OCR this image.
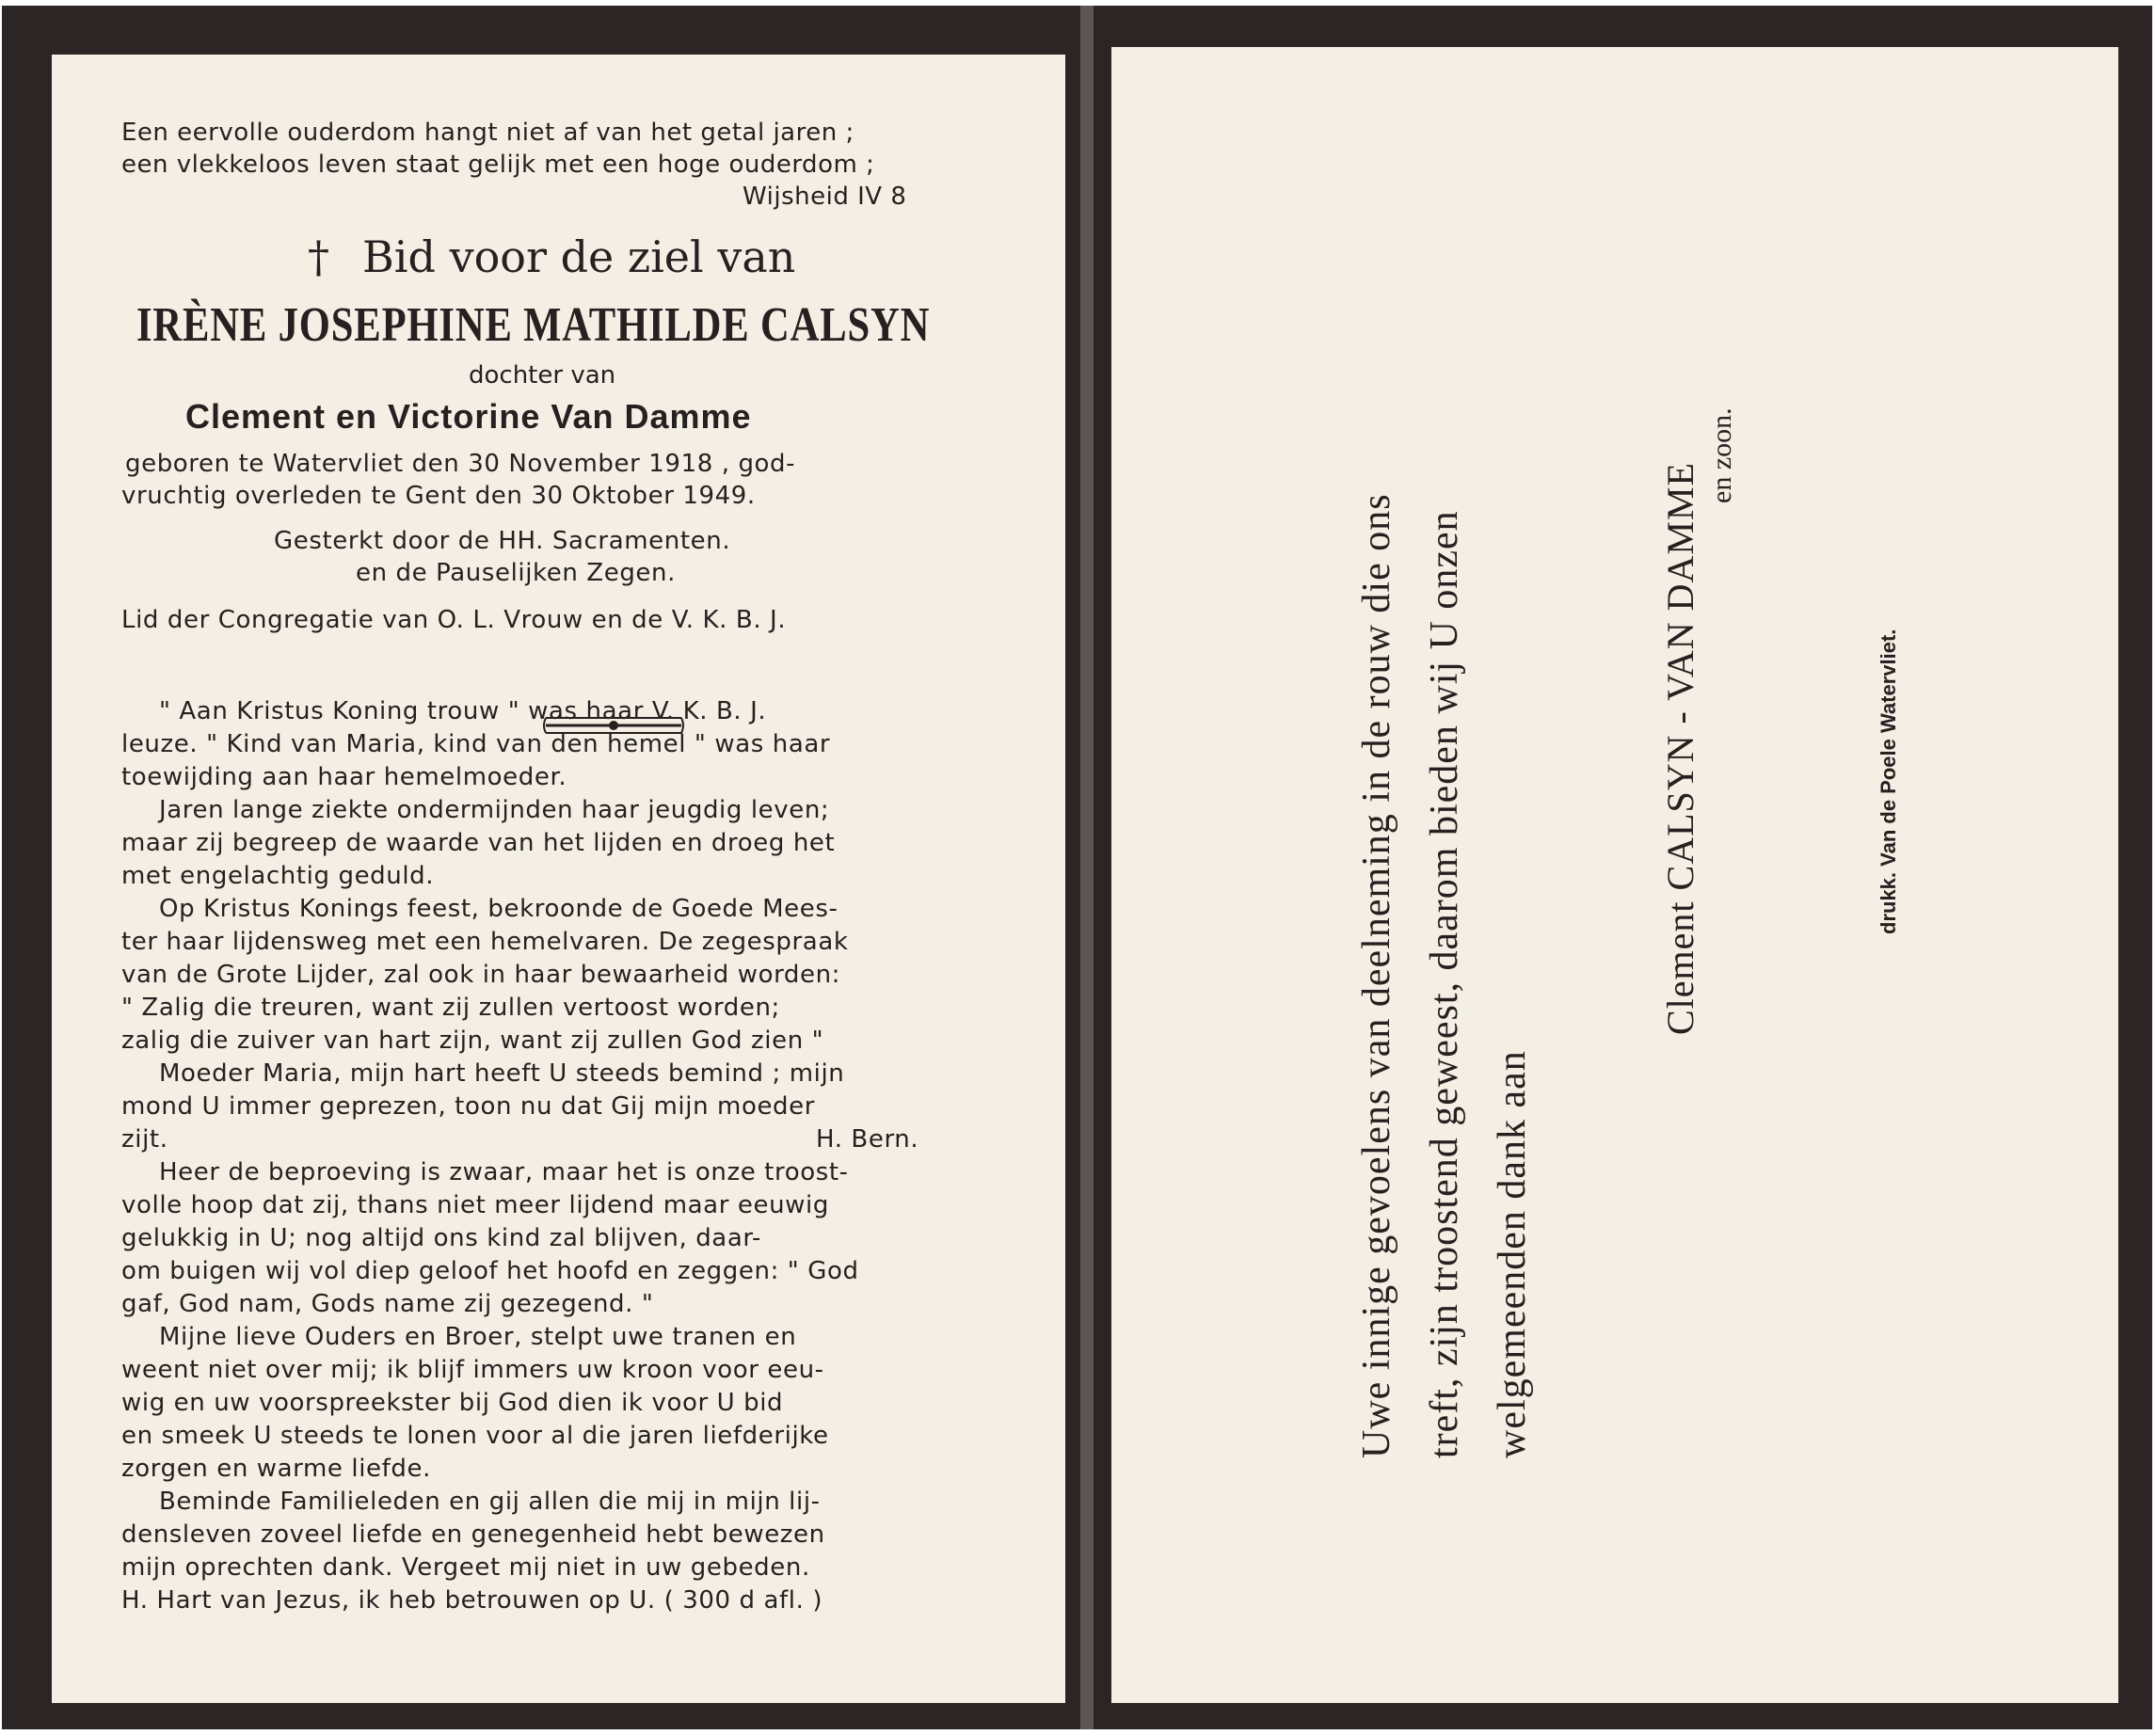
Een eervolle ouderdom hangt niet af van het getal jaren ;
een vlekkeloos leven staat gelijk met een hoge ouderdom ;
Wijsheid IV 8
† Bid voor de ziel van
IRÈNE JOSEPHINE MATHILDE CALSYN
dochter van
Clement en Victorine Van Damme
geboren te Watervliet den 30 November 1918 , god-
vruchtig overleden te Gent den 30 Oktober 1949.
Gesterkt door de HH. Sacramenten.
en de Pauselijken Zegen.
Lid der Congregatie van O. L. Vrouw en de V. K. B. J.
" Aan Kristus Koning trouw " was haar V. K. B. J.
leuze. " Kind van Maria, kind van den hemel " was haar
toewijding aan haar hemelmoeder.
Jaren lange ziekte ondermijnden haar jeugdig leven;
maar zij begreep de waarde van het lijden en droeg het
met engelachtig geduld.
Op Kristus Konings feest, bekroonde de Goede Mees-
ter haar lijdensweg met een hemelvaren. De zegespraak
van de Grote Lijder, zal ook in haar bewaarheid worden:
" Zalig die treuren, want zij zullen vertoost worden;
zalig die zuiver van hart zijn, want zij zullen God zien "
Moeder Maria, mijn hart heeft U steeds bemind ; mijn
mond U immer geprezen, toon nu dat Gij mijn moeder
zijt.	H. Bern.
Heer de beproeving is zwaar, maar het is onze troost-
volle hoop dat zij, thans niet meer lijdend maar eeuwig
gelukkig in U; nog altijd ons kind zal blijven, daar-
om buigen wij vol diep geloof het hoofd en zeggen: " God
gaf, God nam, Gods name zij gezegend. "
Mijne lieve Ouders en Broer, stelpt uwe tranen en
weent niet over mij; ik blijf immers uw kroon voor eeu-
wig en uw voorspreekster bij God dien ik voor U bid
en smeek U steeds te lonen voor al die jaren liefderijke
zorgen en warme liefde.
Beminde Familieleden en gij allen die mij in mijn lij-
densleven zoveel liefde en genegenheid hebt bewezen
mijn oprechten dank. Vergeet mij niet in uw gebeden.
H. Hart van Jezus, ik heb betrouwen op U. ( 300 d afl. )
Uwe innige gevoelens van deelneming in de rouw die ons treft, zijn troostend geweest, daarom bieden wij U onzen welgemeenden dank aan
Clement CALSYN - VAN DAMME
en zoon.
drukk. Van de Poele Watervliet.
